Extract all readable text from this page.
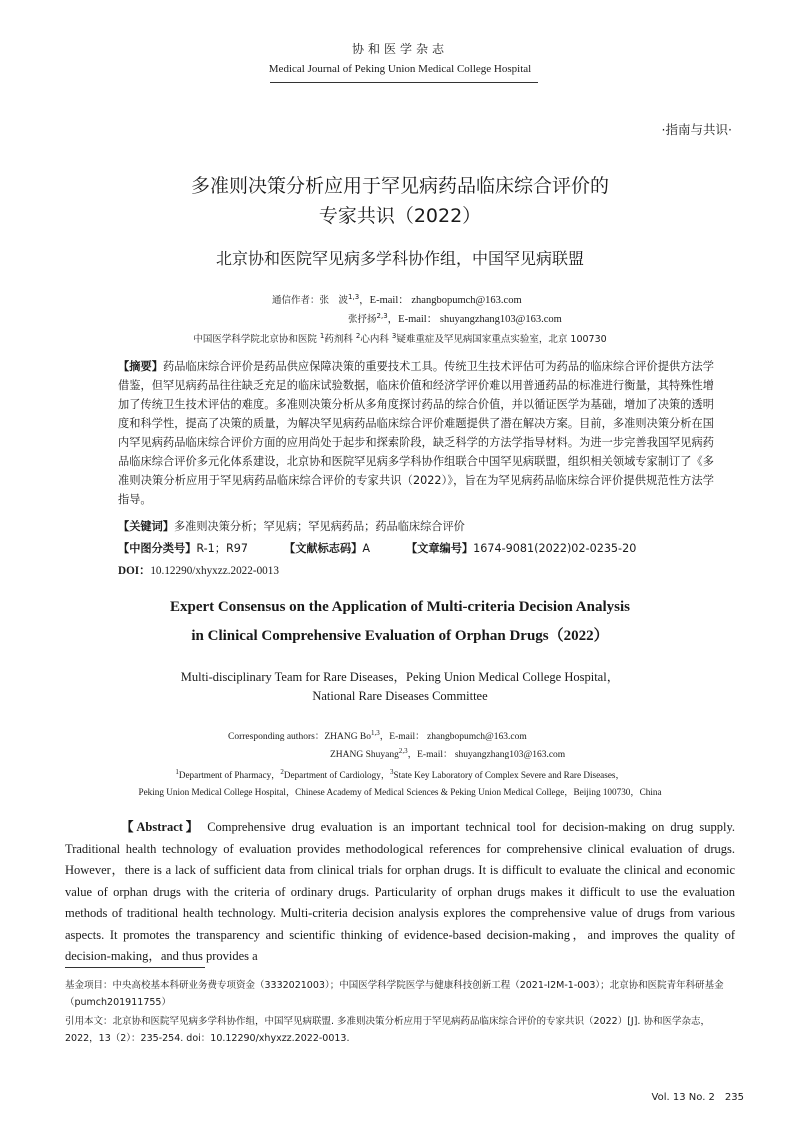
协和医学杂志
Medical Journal of Peking Union Medical College Hospital
·指南与共识·
多准则决策分析应用于罕见病药品临床综合评价的
专家共识（2022）
北京协和医院罕见病多学科协作组，中国罕见病联盟
通信作者：张　波$^{1,3}$，E-mail： zhangbopumch@163.com
张抒扬$^{2,3}$，E-mail： shuyangzhang103@163.com
中国医学科学院北京协和医院 $^1$药剂科 $^2$心内科 $^3$疑难重症及罕见病国家重点实验室，北京 100730

【摘要】药品临床综合评价是药品供应保障决策的重要技术工具。传统卫生技术评估可为药品的临床综合评价提供方法学借鉴，但罕见病药品往往缺乏充足的临床试验数据，临床价值和经济学评价难以用普通药品的标准进行衡量，其特殊性增加了传统卫生技术评估的难度。多准则决策分析从多角度探讨药品的综合价值，并以循证医学为基础，增加了决策的透明度和科学性，提高了决策的质量，为解决罕见病药品临床综合评价难题提供了潜在解决方案。目前，多准则决策分析在国内罕见病药品临床综合评价方面的应用尚处于起步和探索阶段，缺乏科学的方法学指导材料。为进一步完善我国罕见病药品临床综合评价多元化体系建设，北京协和医院罕见病多学科协作组联合中国罕见病联盟，组织相关领域专家制订了《多准则决策分析应用于罕见病药品临床综合评价的专家共识（2022）》，旨在为罕见病药品临床综合评价提供规范性方法学指导。

【关键词】多准则决策分析；罕见病；罕见病药品；药品临床综合评价
【中图分类号】R-1；R97	【文献标志码】A	【文章编号】1674-9081(2022)02-0235-20
DOI：10.12290/xhyxzz.2022-0013
Expert Consensus on the Application of Multi-criteria Decision Analysis
in Clinical Comprehensive Evaluation of Orphan Drugs（2022）
Multi-disciplinary Team for Rare Diseases，Peking Union Medical College Hospital，
National Rare Diseases Committee
Corresponding authors：ZHANG Bo$^{1,3}$，E-mail： zhangbopumch@163.com
ZHANG Shuyang$^{2,3}$，E-mail： shuyangzhang103@163.com
$^1$Department of Pharmacy，$^2$Department of Cardiology，$^3$State Key Laboratory of Complex Severe and Rare Diseases，
Peking Union Medical College Hospital，Chinese Academy of Medical Sciences & Peking Union Medical College，Beijing 100730，China

【Abstract】 Comprehensive drug evaluation is an important technical tool for decision-making on drug supply. Traditional health technology of evaluation provides methodological references for comprehensive clinical evaluation of drugs. However，there is a lack of sufficient data from clinical trials for orphan drugs. It is difficult to evaluate the clinical and economic value of orphan drugs with the criteria of ordinary drugs. Particularity of orphan drugs makes it difficult to use the evaluation methods of traditional health technology. Multi-criteria decision analysis explores the comprehensive value of drugs from various aspects. It promotes the transparency and scientific thinking of evidence-based decision-making，and improves the quality of decision-making，and thus provides a

基金项目：中央高校基本科研业务费专项资金（3332021003）；中国医学科学院医学与健康科技创新工程（2021-I2M-1-003）；北京协和医院青年科研基金（pumch201911755）
引用本文：北京协和医院罕见病多学科协作组，中国罕见病联盟. 多准则决策分析应用于罕见病药品临床综合评价的专家共识（2022）[J]. 协和医学杂志，2022，13（2）：235-254. doi：10.12290/xhyxzz.2022-0013.
Vol. 13 No. 2　235
